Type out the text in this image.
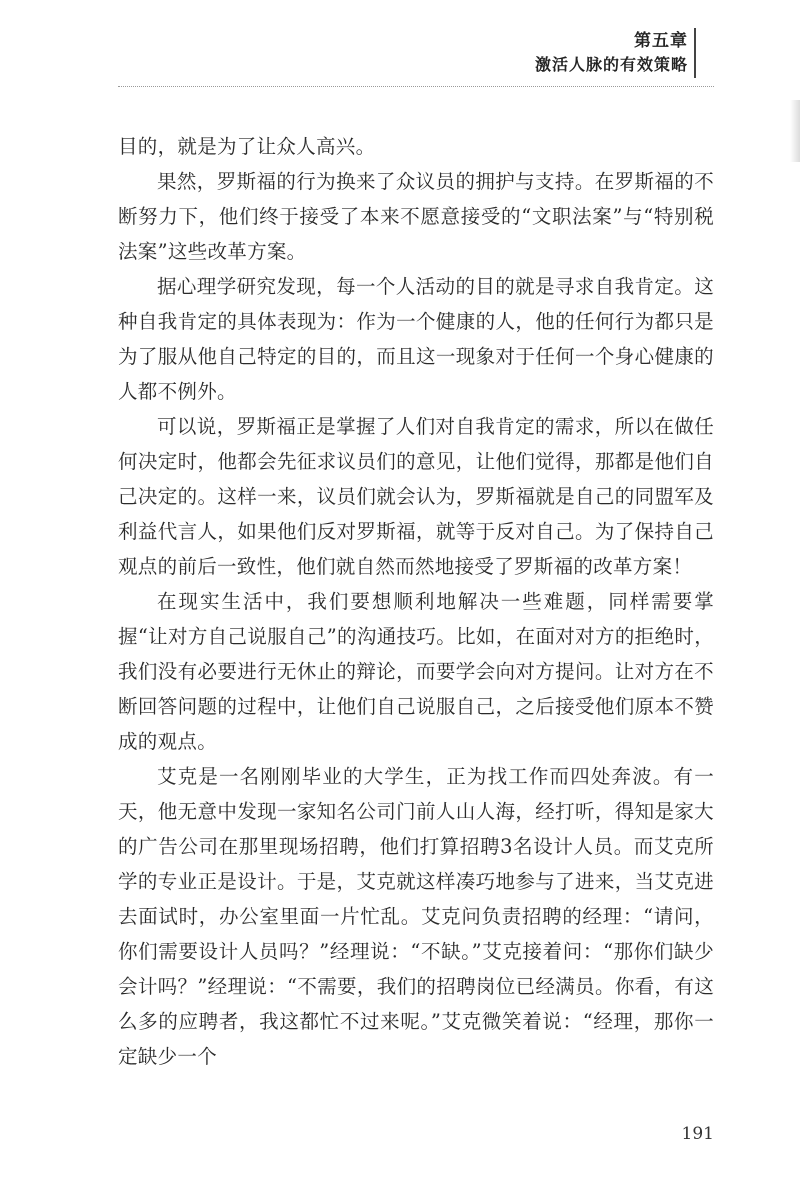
第五章
激活人脉的有效策略

目的，就是为了让众人高兴。

果然，罗斯福的行为换来了众议员的拥护与支持。在罗斯福的不断努力下，他们终于接受了本来不愿意接受的“文职法案”与“特别税法案”这些改革方案。

据心理学研究发现，每一个人活动的目的就是寻求自我肯定。这种自我肯定的具体表现为：作为一个健康的人，他的任何行为都只是为了服从他自己特定的目的，而且这一现象对于任何一个身心健康的人都不例外。

可以说，罗斯福正是掌握了人们对自我肯定的需求，所以在做任何决定时，他都会先征求议员们的意见，让他们觉得，那都是他们自己决定的。这样一来，议员们就会认为，罗斯福就是自己的同盟军及利益代言人，如果他们反对罗斯福，就等于反对自己。为了保持自己观点的前后一致性，他们就自然而然地接受了罗斯福的改革方案！

在现实生活中，我们要想顺利地解决一些难题，同样需要掌握“让对方自己说服自己”的沟通技巧。比如，在面对对方的拒绝时，我们没有必要进行无休止的辩论，而要学会向对方提问。让对方在不断回答问题的过程中，让他们自己说服自己，之后接受他们原本不赞成的观点。

艾克是一名刚刚毕业的大学生，正为找工作而四处奔波。有一天，他无意中发现一家知名公司门前人山人海，经打听，得知是家大的广告公司在那里现场招聘，他们打算招聘3名设计人员。而艾克所学的专业正是设计。于是，艾克就这样凑巧地参与了进来，当艾克进去面试时，办公室里面一片忙乱。艾克问负责招聘的经理：“请问，你们需要设计人员吗？”经理说：“不缺。”艾克接着问：“那你们缺少会计吗？”经理说：“不需要，我们的招聘岗位已经满员。你看，有这么多的应聘者，我这都忙不过来呢。”艾克微笑着说：“经理，那你一定缺少一个

191
